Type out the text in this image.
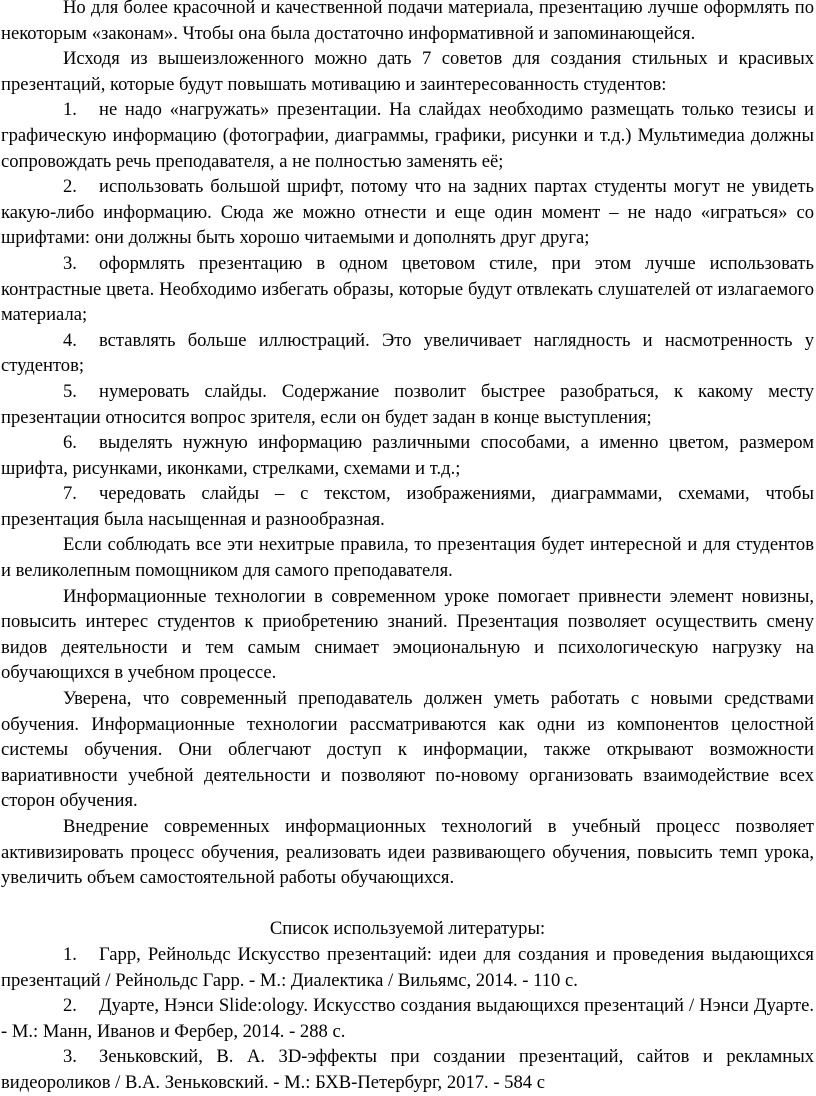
Но для более красочной и качественной подачи материала, презентацию лучше оформлять по некоторым «законам». Чтобы она была достаточно информативной и запоминающейся.

Исходя из вышеизложенного можно дать 7 советов для создания стильных и красивых презентаций, которые будут повышать мотивацию и заинтересованность студентов:

1. не надо «нагружать» презентации. На слайдах необходимо размещать только тезисы и графическую информацию (фотографии, диаграммы, графики, рисунки и т.д.) Мультимедиа должны сопровождать речь преподавателя, а не полностью заменять её;

2. использовать большой шрифт, потому что на задних партах студенты могут не увидеть какую-либо информацию. Сюда же можно отнести и еще один момент – не надо «играться» со шрифтами: они должны быть хорошо читаемыми и дополнять друг друга;

3. оформлять презентацию в одном цветовом стиле, при этом лучше использовать контрастные цвета. Необходимо избегать образы, которые будут отвлекать слушателей от излагаемого материала;

4. вставлять больше иллюстраций. Это увеличивает наглядность и насмотренность у студентов;

5. нумеровать слайды. Содержание позволит быстрее разобраться, к какому месту презентации относится вопрос зрителя, если он будет задан в конце выступления;

6. выделять нужную информацию различными способами, а именно цветом, размером шрифта, рисунками, иконками, стрелками, схемами и т.д.;

7. чередовать слайды – с текстом, изображениями, диаграммами, схемами, чтобы презентация была насыщенная и разнообразная.

Если соблюдать все эти нехитрые правила, то презентация будет интересной и для студентов и великолепным помощником для самого преподавателя.

Информационные технологии в современном уроке помогает привнести элемент новизны, повысить интерес студентов к приобретению знаний. Презентация позволяет осуществить смену видов деятельности и тем самым снимает эмоциональную и психологическую нагрузку на обучающихся в учебном процессе.

Уверена, что современный преподаватель должен уметь работать с новыми средствами обучения. Информационные технологии рассматриваются как одни из компонентов целостной системы обучения. Они облегчают доступ к информации, также открывают возможности вариативности учебной деятельности и позволяют по-новому организовать взаимодействие всех сторон обучения.

Внедрение современных информационных технологий в учебный процесс позволяет активизировать процесс обучения, реализовать идеи развивающего обучения, повысить темп урока, увеличить объем самостоятельной работы обучающихся.

Список используемой литературы:

1. Гарр, Рейнольдс Искусство презентаций: идеи для создания и проведения выдающихся презентаций / Рейнольдс Гарр. - М.: Диалектика / Вильямс, 2014. - 110 с.

2. Дуарте, Нэнси Slide:ology. Искусство создания выдающихся презентаций / Нэнси Дуарте. - М.: Манн, Иванов и Фербер, 2014. - 288 с.

3. Зеньковский, В. А. 3D-эффекты при создании презентаций, сайтов и рекламных видеороликов / В.А. Зеньковский. - М.: БХВ-Петербург, 2017. - 584 с
